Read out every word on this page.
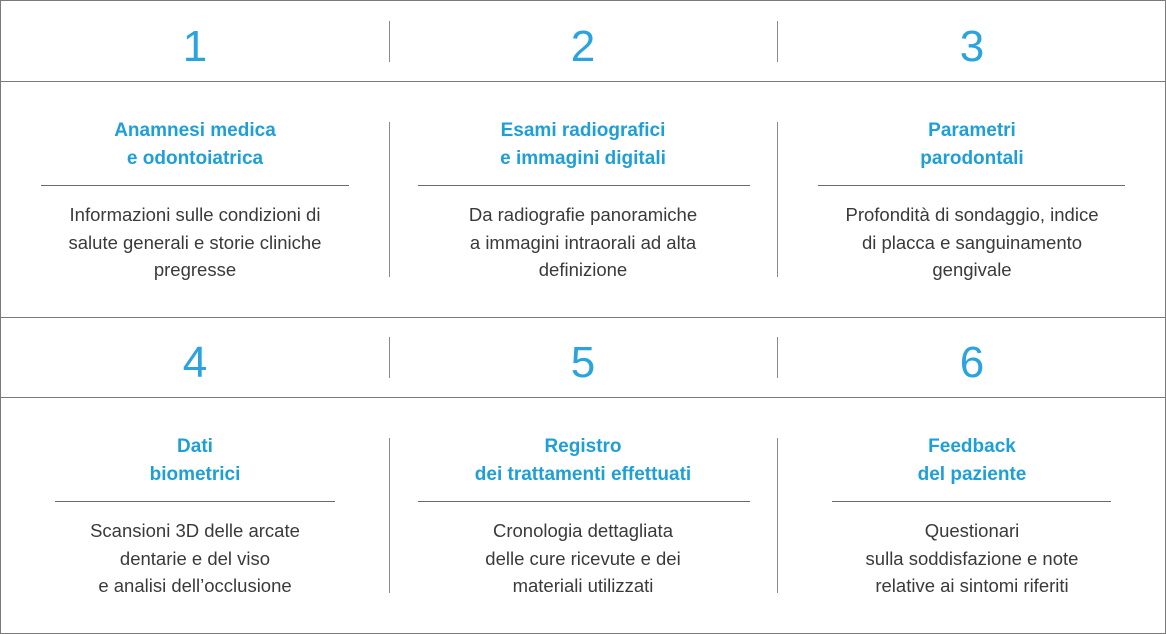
1
Anamnesi medica
e odontoiatrica
Informazioni sulle condizioni di
salute generali e storie cliniche
pregresse
2
Esami radiografici
e immagini digitali
Da radiografie panoramiche
a immagini intraorali ad alta
definizione
3
Parametri
parodontali
Profondità di sondaggio, indice
di placca e sanguinamento
gengivale
4
Dati
biometrici
Scansioni 3D delle arcate
dentarie e del viso
e analisi dell’occlusione
5
Registro
dei trattamenti effettuati
Cronologia dettagliata
delle cure ricevute e dei
materiali utilizzati
6
Feedback
del paziente
Questionari
sulla soddisfazione e note
relative ai sintomi riferiti
